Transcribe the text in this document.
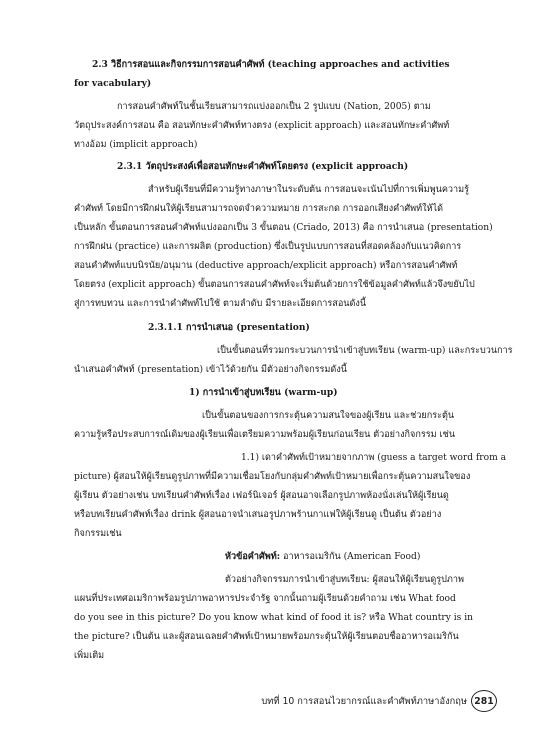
2.3 วิธีการสอนและกิจกรรมการสอนคำศัพท์ (teaching approaches and activities
for vacabulary)
การสอนคำศัพท์ในชั้นเรียนสามารถแบ่งออกเป็น 2 รูปแบบ (Nation, 2005) ตาม
วัตถุประสงค์การสอน คือ สอนทักษะคำศัพท์ทางตรง (explicit approach) และสอนทักษะคำศัพท์
ทางอ้อม (implicit approach)
2.3.1 วัตถุประสงค์เพื่อสอนทักษะคำศัพท์โดยตรง (explicit approach)
สำหรับผู้เรียนที่มีความรู้ทางภาษาในระดับต้น การสอนจะเน้นไปที่การเพิ่มพูนความรู้
คำศัพท์ โดยมีการฝึกฝนให้ผู้เรียนสามารถจดจำความหมาย การสะกด การออกเสียงคำศัพท์ให้ได้
เป็นหลัก ขั้นตอนการสอนคำศัพท์แบ่งออกเป็น 3 ขั้นตอน (Criado, 2013) คือ การนำเสนอ (presentation)
การฝึกฝน (practice) และการผลิต (production) ซึ่งเป็นรูปแบบการสอนที่สอดคล้องกับแนวคิดการ
สอนคำศัพท์แบบนิรนัย/อนุมาน (deductive approach/explicit approach) หรือการสอนคำศัพท์
โดยตรง (explicit approach) ขั้นตอนการสอนคำศัพท์จะเริ่มต้นด้วยการใช้ข้อมูลคำศัพท์แล้วจึงขยับไป
สู่การทบทวน และการนำคำศัพท์ไปใช้ ตามลำดับ มีรายละเอียดการสอนดังนี้
2.3.1.1 การนำเสนอ (presentation)
เป็นขั้นตอนที่รวมกระบวนการนำเข้าสู่บทเรียน (warm-up) และกระบวนการ
นำเสนอคำศัพท์ (presentation) เข้าไว้ด้วยกัน มีตัวอย่างกิจกรรมดังนี้
1) การนำเข้าสู่บทเรียน (warm-up)
เป็นขั้นตอนของการกระตุ้นความสนใจของผู้เรียน และช่วยกระตุ้น
ความรู้หรือประสบการณ์เดิมของผู้เรียนเพื่อเตรียมความพร้อมผู้เรียนก่อนเรียน ตัวอย่างกิจกรรม เช่น
1.1) เดาคำศัพท์เป้าหมายจากภาพ (guess a target word from a
picture) ผู้สอนให้ผู้เรียนดูรูปภาพที่มีความเชื่อมโยงกับกลุ่มคำศัพท์เป้าหมายเพื่อกระตุ้นความสนใจของ
ผู้เรียน ตัวอย่างเช่น บทเรียนคำศัพท์เรื่อง เฟอร์นิเจอร์ ผู้สอนอาจเลือกรูปภาพห้องนั่งเล่นให้ผู้เรียนดู
หรือบทเรียนคำศัพท์เรื่อง drink ผู้สอนอาจนำเสนอรูปภาพร้านกาแฟให้ผู้เรียนดู เป็นต้น ตัวอย่าง
กิจกรรมเช่น
หัวข้อคำศัพท์: อาหารอเมริกัน (American Food)
ตัวอย่างกิจกรรมการนำเข้าสู่บทเรียน: ผู้สอนให้ผู้เรียนดูรูปภาพ
แผนที่ประเทศอเมริกาพร้อมรูปภาพอาหารประจำรัฐ จากนั้นถามผู้เรียนด้วยคำถาม เช่น What food
do you see in this picture? Do you know what kind of food it is? หรือ What country is in
the picture? เป็นต้น และผู้สอนเฉลยคำศัพท์เป้าหมายพร้อมกระตุ้นให้ผู้เรียนตอบชื่ออาหารอเมริกัน
เพิ่มเติม
บทที่ 10 การสอนไวยากรณ์และคำศัพท์ภาษาอังกฤษ 281
